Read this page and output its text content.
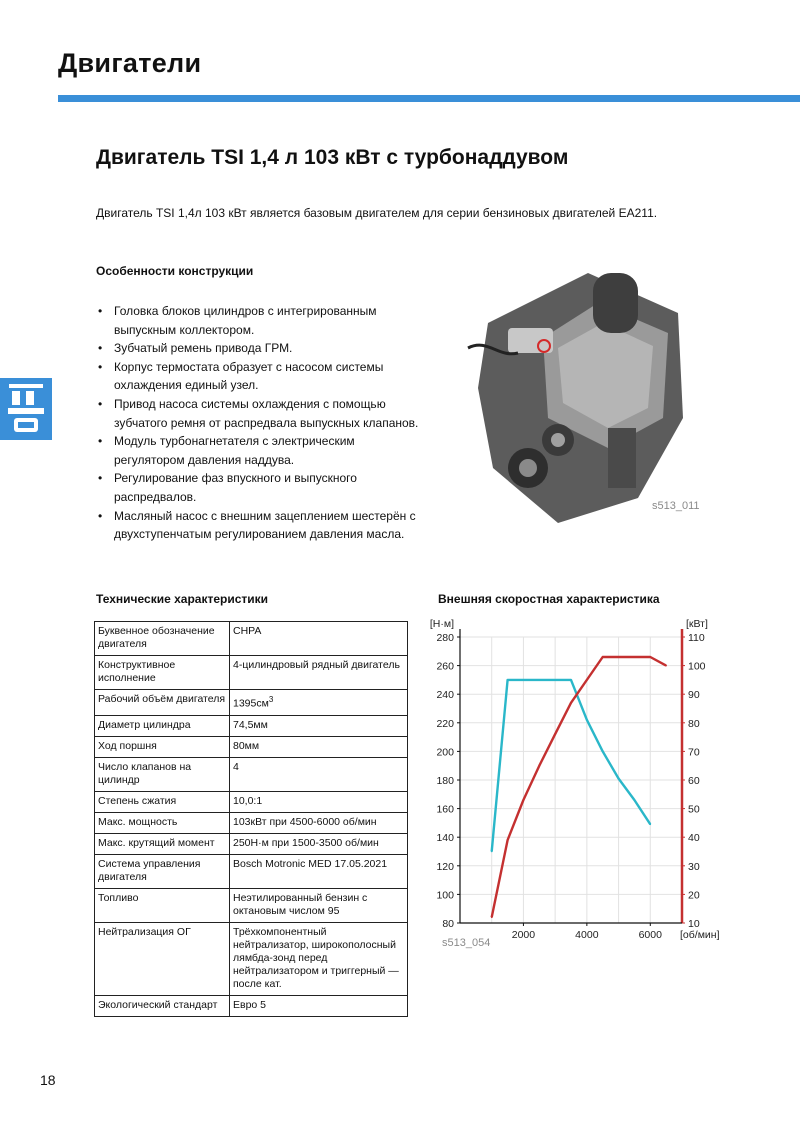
Двигатели
Двигатель TSI 1,4 л 103 кВт с турбонаддувом
Двигатель TSI 1,4л 103 кВт является базовым двигателем для серии бензиновых двигателей EA211.
Особенности конструкции
• Головка блоков цилиндров с интегрированным выпускным коллектором.
• Зубчатый ремень привода ГРМ.
• Корпус термостата образует с насосом системы охлаждения единый узел.
• Привод насоса системы охлаждения с помощью зубчатого ремня от распредвала выпускных клапанов.
• Модуль турбонагнетателя с электрическим регулятором давления наддува.
• Регулирование фаз впускного и выпускного распредвалов.
• Масляный насос с внешним зацеплением шестерён с двухступенчатым регулированием давления масла.
s513_011
Технические характеристики
Буквенное обозначение двигателя	CHPA
Конструктивное исполнение	4-цилиндровый рядный двигатель
Рабочий объём двигателя	$1395см^3$
Диаметр цилиндра	74,5мм
Ход поршня	80мм
Число клапанов на цилиндр	4
Степень сжатия	10,0:1
Макс. мощность	103кВт при 4500-6000 об/мин
Макс. крутящий момент	250Н·м при 1500-3500 об/мин
Система управления двигателя	Bosch Motronic MED 17.05.2021
Топливо	Неэтилированный бензин с октановым числом 95
Нейтрализация ОГ	Трёхкомпонентный нейтрализатор, широкополосный лямбда-зонд перед нейтрализатором и триггерный — после кат.
Экологический стандарт	Евро 5
Внешняя скоростная характеристика
80
100
120
140
160
180
200
220
240
260
280
10
20
30
40
50
60
70
80
90
100
110
2000	4000	6000
[Н·м]	[кВт]
[об/мин]
s513_054
18
